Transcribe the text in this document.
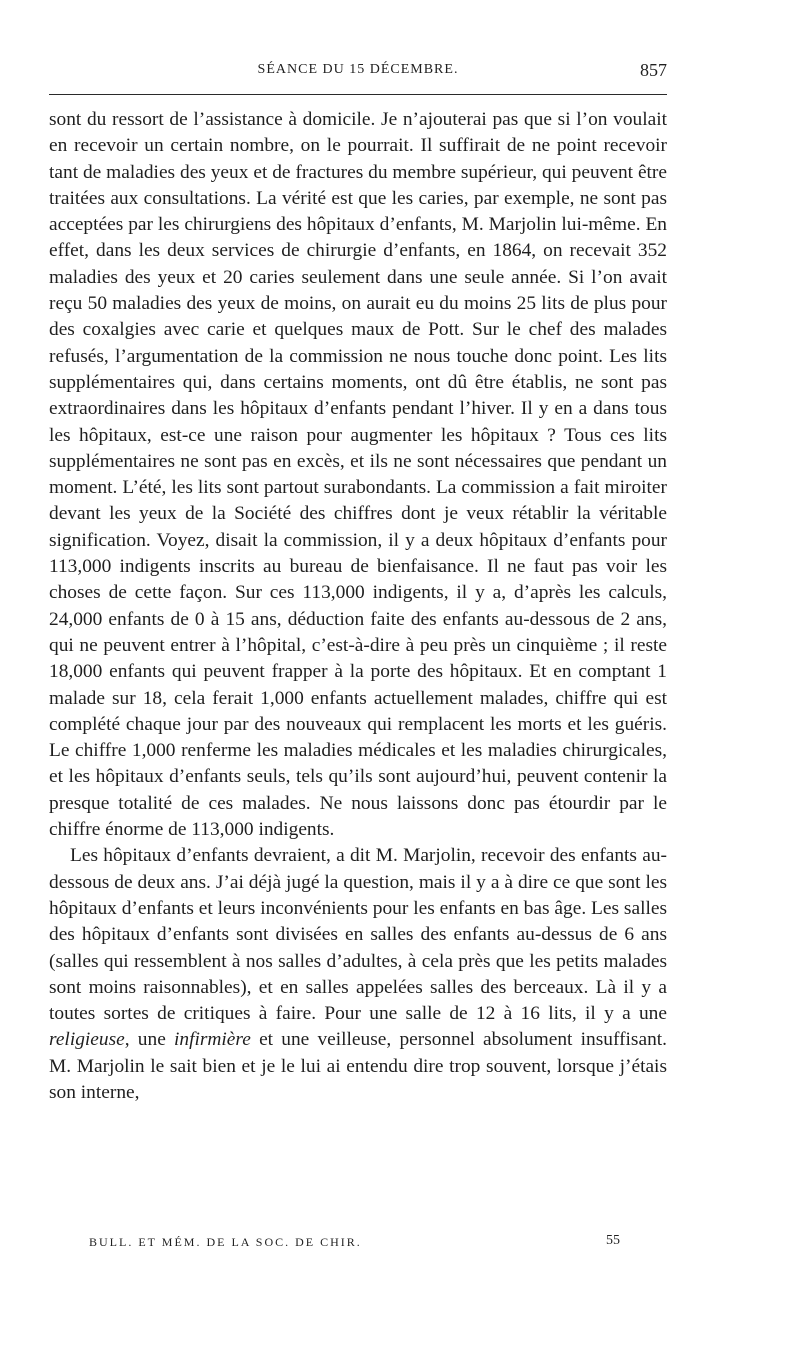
SÉANCE DU 15 DÉCEMBRE.	857

sont du ressort de l’assistance à domicile. Je n’ajouterai pas que si l’on voulait en recevoir un certain nombre, on le pourrait. Il suffirait de ne point recevoir tant de maladies des yeux et de fractures du membre supérieur, qui peuvent être traitées aux consultations. La vérité est que les caries, par exemple, ne sont pas acceptées par les chirurgiens des hôpitaux d’enfants, M. Marjolin lui-même. En effet, dans les deux services de chirurgie d’enfants, en 1864, on recevait 352 maladies des yeux et 20 caries seulement dans une seule année. Si l’on avait reçu 50 maladies des yeux de moins, on aurait eu du moins 25 lits de plus pour des coxalgies avec carie et quelques maux de Pott. Sur le chef des malades refusés, l’argumentation de la commission ne nous touche donc point. Les lits supplémentaires qui, dans certains moments, ont dû être établis, ne sont pas extraordinaires dans les hôpitaux d’enfants pendant l’hiver. Il y en a dans tous les hôpitaux, est-ce une raison pour augmenter les hôpitaux ? Tous ces lits supplémentaires ne sont pas en excès, et ils ne sont nécessaires que pendant un moment. L’été, les lits sont partout surabondants. La commission a fait miroiter devant les yeux de la Société des chiffres dont je veux rétablir la véritable signification. Voyez, disait la commission, il y a deux hôpitaux d’enfants pour 113,000 indigents inscrits au bureau de bienfaisance. Il ne faut pas voir les choses de cette façon. Sur ces 113,000 indigents, il y a, d’après les calculs, 24,000 enfants de 0 à 15 ans, déduction faite des enfants au-dessous de 2 ans, qui ne peuvent entrer à l’hôpital, c’est-à-dire à peu près un cinquième ; il reste 18,000 enfants qui peuvent frapper à la porte des hôpitaux. Et en comptant 1 malade sur 18, cela ferait 1,000 enfants actuellement malades, chiffre qui est complété chaque jour par des nouveaux qui remplacent les morts et les guéris. Le chiffre 1,000 renferme les maladies médicales et les maladies chirurgicales, et les hôpitaux d’enfants seuls, tels qu’ils sont aujourd’hui, peuvent contenir la presque totalité de ces malades. Ne nous laissons donc pas étourdir par le chiffre énorme de 113,000 indigents.

Les hôpitaux d’enfants devraient, a dit M. Marjolin, recevoir des enfants au-dessous de deux ans. J’ai déjà jugé la question, mais il y a à dire ce que sont les hôpitaux d’enfants et leurs inconvénients pour les enfants en bas âge. Les salles des hôpitaux d’enfants sont divisées en salles des enfants au-dessus de 6 ans (salles qui ressemblent à nos salles d’adultes, à cela près que les petits malades sont moins raisonnables), et en salles appelées salles des berceaux. Là il y a toutes sortes de critiques à faire. Pour une salle de 12 à 16 lits, il y a une religieuse, une infirmière et une veilleuse, personnel absolument insuffisant. M. Marjolin le sait bien et je le lui ai entendu dire trop souvent, lorsque j’étais son interne,

BULL. ET MÉM. DE LA SOC. DE CHIR.	55
